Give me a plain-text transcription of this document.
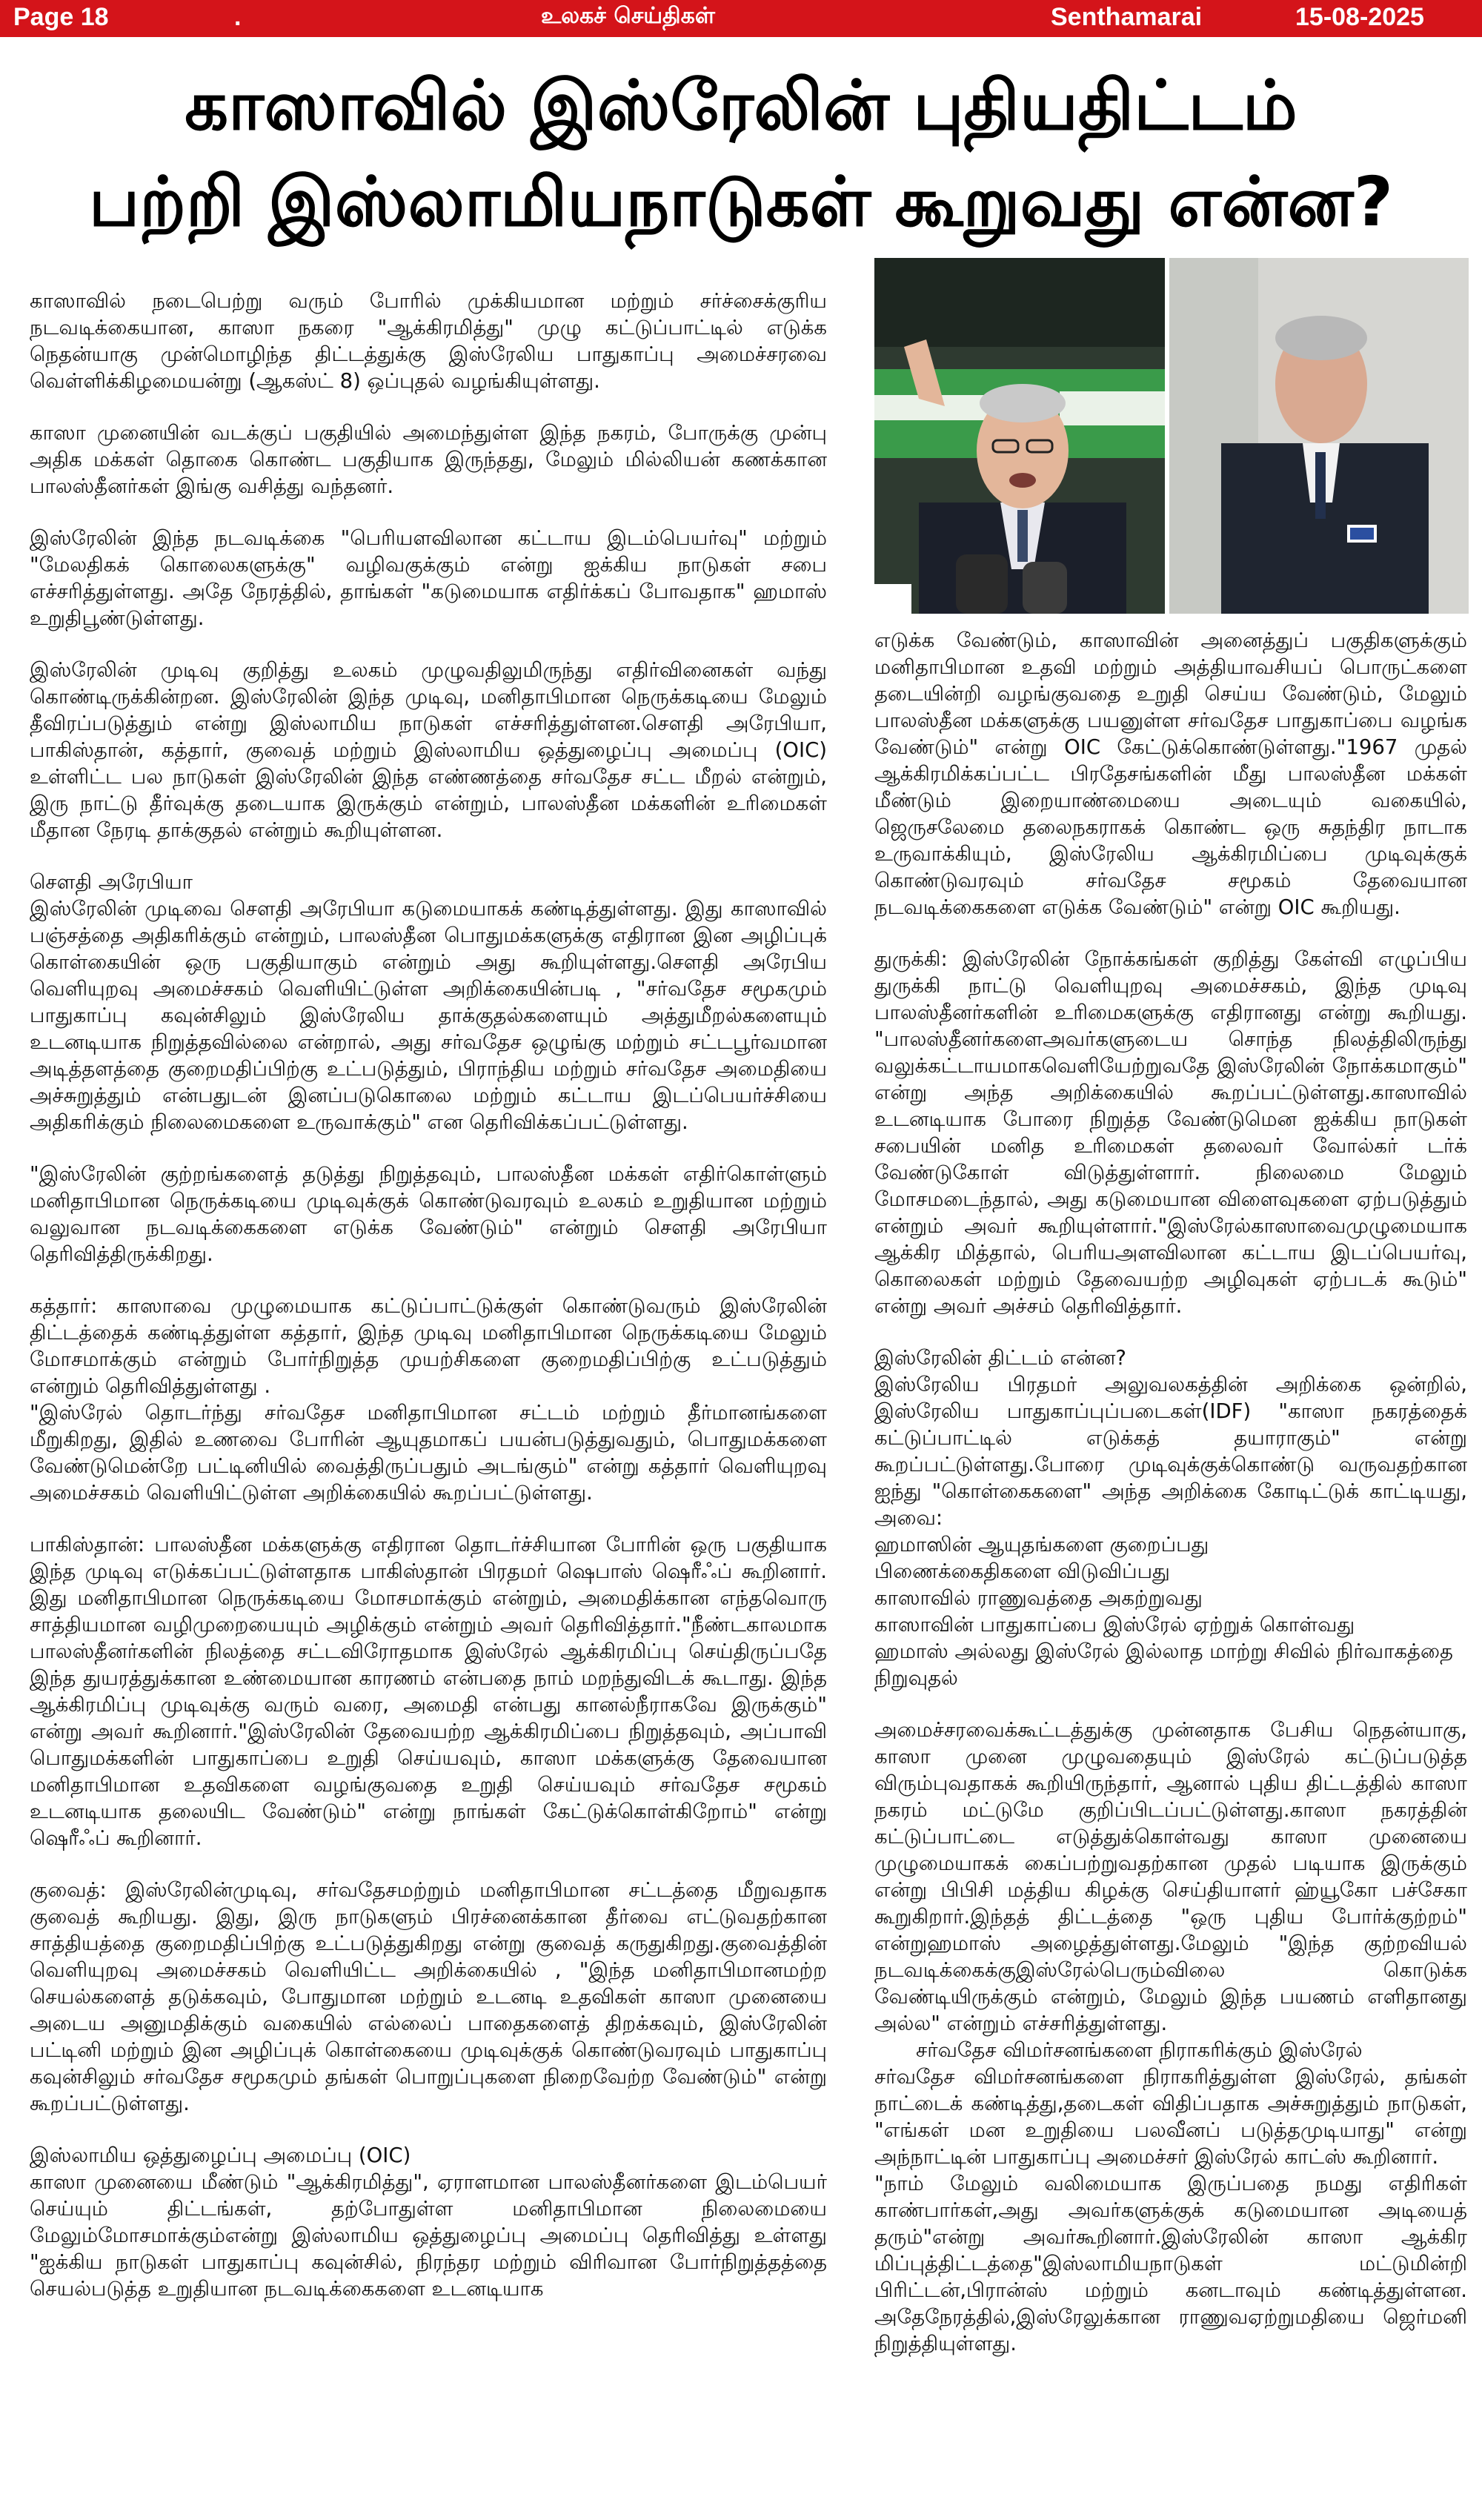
Page 18	.	உலகச் செய்திகள்	Senthamarai	15-08-2025
காஸாவில் இஸ்ரேலின் புதியதிட்டம்
பற்றி இஸ்லாமியநாடுகள் கூறுவது என்ன?

காஸாவில் நடைபெற்று வரும் போரில் முக்கியமான மற்றும் சர்ச்சைக்குரிய நடவடிக்கையான, காஸா நகரை "ஆக்கிரமித்து" முழு கட்டுப்பாட்டில் எடுக்க நெதன்யாகு முன்மொழிந்த திட்டத்துக்கு இஸ்ரேலிய பாதுகாப்பு அமைச்சரவை வெள்ளிக்கிழமையன்று (ஆகஸ்ட் 8) ஒப்புதல் வழங்கியுள்ளது.

காஸா முனையின் வடக்குப் பகுதியில் அமைந்துள்ள இந்த நகரம், போருக்கு முன்பு அதிக மக்கள் தொகை கொண்ட பகுதியாக இருந்தது, மேலும் மில்லியன் கணக்கான பாலஸ்தீனர்கள் இங்கு வசித்து வந்தனர்.

இஸ்ரேலின் இந்த நடவடிக்கை "பெரியளவிலான கட்டாய இடம்பெயர்வு" மற்றும் "மேலதிகக் கொலைகளுக்கு" வழிவகுக்கும் என்று ஐக்கிய நாடுகள் சபை எச்சரித்துள்ளது. அதே நேரத்தில், தாங்கள் "கடுமையாக எதிர்க்கப் போவதாக" ஹமாஸ் உறுதிபூண்டுள்ளது.

இஸ்ரேலின் முடிவு குறித்து உலகம் முழுவதிலுமிருந்து எதிர்வினைகள் வந்து கொண்டிருக்கின்றன. இஸ்ரேலின் இந்த முடிவு, மனிதாபிமான நெருக்கடியை மேலும் தீவிரப்படுத்தும் என்று இஸ்லாமிய நாடுகள் எச்சரித்துள்ளன.சௌதி அரேபியா, பாகிஸ்தான், கத்தார், குவைத் மற்றும் இஸ்லாமிய ஒத்துழைப்பு அமைப்பு (OIC) உள்ளிட்ட பல நாடுகள் இஸ்ரேலின் இந்த எண்ணத்தை சர்வதேச சட்ட மீறல் என்றும், இரு நாட்டு தீர்வுக்கு தடையாக இருக்கும் என்றும், பாலஸ்தீன மக்களின் உரிமைகள் மீதான நேரடி தாக்குதல் என்றும் கூறியுள்ளன.

சௌதி அரேபியா

இஸ்ரேலின் முடிவை சௌதி அரேபியா கடுமையாகக் கண்டித்துள்ளது. இது காஸாவில் பஞ்சத்தை அதிகரிக்கும் என்றும், பாலஸ்தீன பொதுமக்களுக்கு எதிரான இன அழிப்புக் கொள்கையின் ஒரு பகுதியாகும் என்றும் அது கூறியுள்ளது.சௌதி அரேபிய வெளியுறவு அமைச்சகம் வெளியிட்டுள்ள அறிக்கையின்படி , "சர்வதேச சமூகமும் பாதுகாப்பு கவுன்சிலும் இஸ்ரேலிய தாக்குதல்களையும் அத்துமீறல்களையும் உடனடியாக நிறுத்தவில்லை என்றால், அது சர்வதேச ஒழுங்கு மற்றும் சட்டபூர்வமான அடித்தளத்தை குறைமதிப்பிற்கு உட்படுத்தும், பிராந்திய மற்றும் சர்வதேச அமைதியை அச்சுறுத்தும் என்பதுடன் இனப்படுகொலை மற்றும் கட்டாய இடப்பெயர்ச்சியை அதிகரிக்கும் நிலைமைகளை உருவாக்கும்" என தெரிவிக்கப்பட்டுள்ளது.

"இஸ்ரேலின் குற்றங்களைத் தடுத்து நிறுத்தவும், பாலஸ்தீன மக்கள் எதிர்கொள்ளும் மனிதாபிமான நெருக்கடியை முடிவுக்குக் கொண்டுவரவும் உலகம் உறுதியான மற்றும் வலுவான நடவடிக்கைகளை எடுக்க வேண்டும்" என்றும் சௌதி அரேபியா தெரிவித்திருக்கிறது.

கத்தார்: காஸாவை முழுமையாக கட்டுப்பாட்டுக்குள் கொண்டுவரும் இஸ்ரேலின் திட்டத்தைக் கண்டித்துள்ள கத்தார், இந்த முடிவு மனிதாபிமான நெருக்கடியை மேலும் மோசமாக்கும் என்றும் போர்நிறுத்த முயற்சிகளை குறைமதிப்பிற்கு உட்படுத்தும் என்றும் தெரிவித்துள்ளது .

"இஸ்ரேல் தொடர்ந்து சர்வதேச மனிதாபிமான சட்டம் மற்றும் தீர்மானங்களை மீறுகிறது, இதில் உணவை போரின் ஆயுதமாகப் பயன்படுத்துவதும், பொதுமக்களை வேண்டுமென்றே பட்டினியில் வைத்திருப்பதும் அடங்கும்" என்று கத்தார் வெளியுறவு அமைச்சகம் வெளியிட்டுள்ள அறிக்கையில் கூறப்பட்டுள்ளது.

பாகிஸ்தான்: பாலஸ்தீன மக்களுக்கு எதிரான தொடர்ச்சியான போரின் ஒரு பகுதியாக இந்த முடிவு எடுக்கப்பட்டுள்ளதாக பாகிஸ்தான் பிரதமர் ஷெபாஸ் ஷெரீஃப் கூறினார். இது மனிதாபிமான நெருக்கடியை மோசமாக்கும் என்றும், அமைதிக்கான எந்தவொரு சாத்தியமான வழிமுறையையும் அழிக்கும் என்றும் அவர் தெரிவித்தார்."நீண்டகாலமாக பாலஸ்தீனர்களின் நிலத்தை சட்டவிரோதமாக இஸ்ரேல் ஆக்கிரமிப்பு செய்திருப்பதே இந்த துயரத்துக்கான உண்மையான காரணம் என்பதை நாம் மறந்துவிடக் கூடாது. இந்த ஆக்கிரமிப்பு முடிவுக்கு வரும் வரை, அமைதி என்பது கானல்நீராகவே இருக்கும்" என்று அவர் கூறினார்."இஸ்ரேலின் தேவையற்ற ஆக்கிரமிப்பை நிறுத்தவும், அப்பாவி பொதுமக்களின் பாதுகாப்பை உறுதி செய்யவும், காஸா மக்களுக்கு தேவையான மனிதாபிமான உதவிகளை வழங்குவதை உறுதி செய்யவும் சர்வதேச சமூகம் உடனடியாக தலையிட வேண்டும்" என்று நாங்கள் கேட்டுக்கொள்கிறோம்" என்று ஷெரீஃப் கூறினார்.

குவைத்: இஸ்ரேலின்முடிவு, சர்வதேசமற்றும் மனிதாபிமான சட்டத்தை மீறுவதாக குவைத் கூறியது. இது, இரு நாடுகளும் பிரச்னைக்கான தீர்வை எட்டுவதற்கான சாத்தியத்தை குறைமதிப்பிற்கு உட்படுத்துகிறது என்று குவைத் கருதுகிறது.குவைத்தின் வெளியுறவு அமைச்சகம் வெளியிட்ட அறிக்கையில் , "இந்த மனிதாபிமானமற்ற செயல்களைத் தடுக்கவும், போதுமான மற்றும் உடனடி உதவிகள் காஸா முனையை அடைய அனுமதிக்கும் வகையில் எல்லைப் பாதைகளைத் திறக்கவும், இஸ்ரேலின் பட்டினி மற்றும் இன அழிப்புக் கொள்கையை முடிவுக்குக் கொண்டுவரவும் பாதுகாப்பு கவுன்சிலும் சர்வதேச சமூகமும் தங்கள் பொறுப்புகளை நிறைவேற்ற வேண்டும்" என்று கூறப்பட்டுள்ளது.

இஸ்லாமிய ஒத்துழைப்பு அமைப்பு (OIC)

காஸா முனையை மீண்டும் "ஆக்கிரமித்து", ஏராளமான பாலஸ்தீனர்களை இடம்பெயர் செய்யும் திட்டங்கள், தற்போதுள்ள மனிதாபிமான நிலைமையை மேலும்மோசமாக்கும்என்று இஸ்லாமிய ஒத்துழைப்பு அமைப்பு தெரிவித்து உள்ளது "ஐக்கிய நாடுகள் பாதுகாப்பு கவுன்சில், நிரந்தர மற்றும் விரிவான போர்நிறுத்தத்தை செயல்படுத்த உறுதியான நடவடிக்கைகளை உடனடியாக

எடுக்க வேண்டும், காஸாவின் அனைத்துப் பகுதிகளுக்கும் மனிதாபிமான உதவி மற்றும் அத்தியாவசியப் பொருட்களை தடையின்றி வழங்குவதை உறுதி செய்ய வேண்டும், மேலும் பாலஸ்தீன மக்களுக்கு பயனுள்ள சர்வதேச பாதுகாப்பை வழங்க வேண்டும்" என்று OIC கேட்டுக்கொண்டுள்ளது."1967 முதல் ஆக்கிரமிக்கப்பட்ட பிரதேசங்களின் மீது பாலஸ்தீன மக்கள் மீண்டும் இறையாண்மையை அடையும் வகையில், ஜெருசலேமை தலைநகராகக் கொண்ட ஒரு சுதந்திர நாடாக உருவாக்கியும், இஸ்ரேலிய ஆக்கிரமிப்பை முடிவுக்குக் கொண்டுவரவும் சர்வதேச சமூகம் தேவையான நடவடிக்கைகளை எடுக்க வேண்டும்" என்று OIC கூறியது.

துருக்கி: இஸ்ரேலின் நோக்கங்கள் குறித்து கேள்வி எழுப்பிய துருக்கி நாட்டு வெளியுறவு அமைச்சகம், இந்த முடிவு பாலஸ்தீனர்களின் உரிமைகளுக்கு எதிரானது என்று கூறியது. "பாலஸ்தீனர்களைஅவர்களுடைய சொந்த நிலத்திலிருந்து வலுக்கட்டாயமாகவெளியேற்றுவதே இஸ்ரேலின் நோக்கமாகும்" என்று அந்த அறிக்கையில் கூறப்பட்டுள்ளது.காஸாவில் உடனடியாக போரை நிறுத்த வேண்டுமென ஐக்கிய நாடுகள் சபையின் மனித உரிமைகள் தலைவர் வோல்கர் டர்க் வேண்டுகோள் விடுத்துள்ளார். நிலைமை மேலும் மோசமடைந்தால், அது கடுமையான விளைவுகளை ஏற்படுத்தும் என்றும் அவர் கூறியுள்ளார்."இஸ்ரேல்காஸாவைமுழுமையாக ஆக்கிர மித்தால், பெரியஅளவிலான கட்டாய இடப்பெயர்வு, கொலைகள் மற்றும் தேவையற்ற அழிவுகள் ஏற்படக் கூடும்" என்று அவர் அச்சம் தெரிவித்தார்.

இஸ்ரேலின் திட்டம் என்ன?

இஸ்ரேலிய பிரதமர் அலுவலகத்தின் அறிக்கை ஒன்றில், இஸ்ரேலிய பாதுகாப்புப்படைகள்(IDF) "காஸா நகரத்தைக் கட்டுப்பாட்டில் எடுக்கத் தயாராகும்" என்று கூறப்பட்டுள்ளது.போரை முடிவுக்குக்கொண்டு வருவதற்கான ஐந்து "கொள்கைகளை" அந்த அறிக்கை கோடிட்டுக் காட்டியது, அவை:

ஹமாஸின் ஆயுதங்களை குறைப்பது
பிணைக்கைதிகளை விடுவிப்பது
காஸாவில் ராணுவத்தை அகற்றுவது
காஸாவின் பாதுகாப்பை இஸ்ரேல் ஏற்றுக் கொள்வது
ஹமாஸ் அல்லது இஸ்ரேல் இல்லாத மாற்று சிவில் நிர்வாகத்தை நிறுவுதல்

அமைச்சரவைக்கூட்டத்துக்கு முன்னதாக பேசிய நெதன்யாகு, காஸா முனை முழுவதையும் இஸ்ரேல் கட்டுப்படுத்த விரும்புவதாகக் கூறியிருந்தார், ஆனால் புதிய திட்டத்தில் காஸா நகரம் மட்டுமே குறிப்பிடப்பட்டுள்ளது.காஸா நகரத்தின் கட்டுப்பாட்டை எடுத்துக்கொள்வது காஸா முனையை முழுமையாகக் கைப்பற்றுவதற்கான முதல் படியாக இருக்கும் என்று பிபிசி மத்திய கிழக்கு செய்தியாளர் ஹ்யூகோ பச்சேகா கூறுகிறார்.இந்தத் திட்டத்தை "ஒரு புதிய போர்க்குற்றம்" என்றுஹமாஸ் அழைத்துள்ளது.மேலும் "இந்த குற்றவியல் நடவடிக்கைக்குஇஸ்ரேல்பெரும்விலை கொடுக்க வேண்டியிருக்கும் என்றும், மேலும் இந்த பயணம் எளிதானது அல்ல" என்றும் எச்சரித்துள்ளது.

சர்வதேச விமர்சனங்களை நிராகரிக்கும் இஸ்ரேல்

சர்வதேச விமர்சனங்களை நிராகரித்துள்ள இஸ்ரேல், தங்கள் நாட்டைக் கண்டித்து,தடைகள் விதிப்பதாக அச்சுறுத்தும் நாடுகள், "எங்கள் மன உறுதியை பலவீனப் படுத்தமுடியாது" என்று அந்நாட்டின் பாதுகாப்பு அமைச்சர் இஸ்ரேல் காட்ஸ் கூறினார்.

"நாம் மேலும் வலிமையாக இருப்பதை நமது எதிரிகள் காண்பார்கள்,அது அவர்களுக்குக் கடுமையான அடியைத் தரும்"என்று அவர்கூறினார்.இஸ்ரேலின் காஸா ஆக்கிர மிப்புத்திட்டத்தை"இஸ்லாமியநாடுகள் மட்டுமின்றி பிரிட்டன்,பிரான்ஸ் மற்றும் கனடாவும் கண்டித்துள்ளன. அதேநேரத்தில்,இஸ்ரேலுக்கான ராணுவஏற்றுமதியை ஜெர்மனி நிறுத்தியுள்ளது.
